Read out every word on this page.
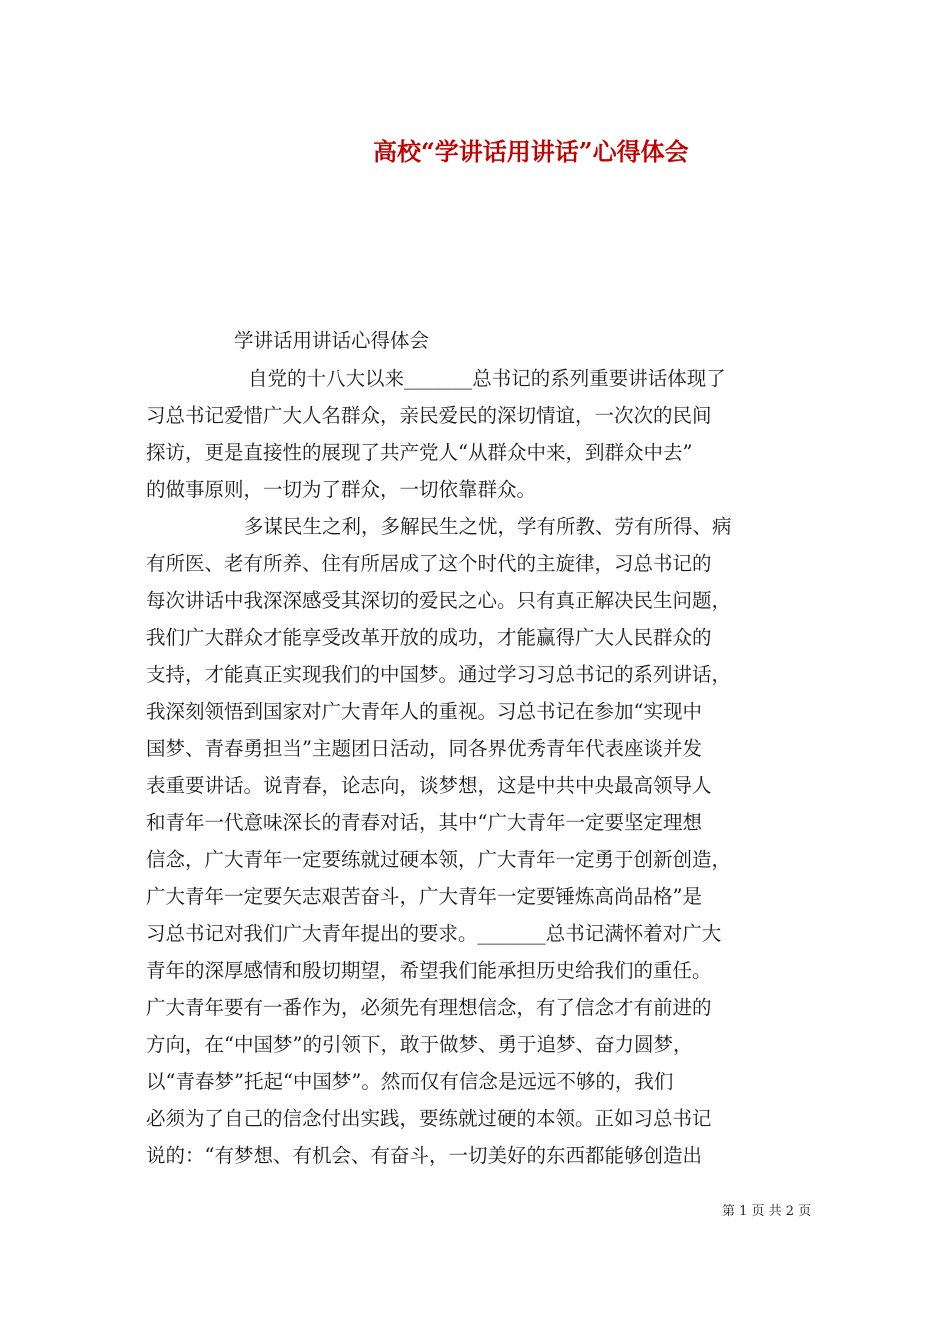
高校“学讲话用讲话”心得体会
学讲话用讲话心得体会
自党的十八大以来_______总书记的系列重要讲话体现了
习总书记爱惜广大人名群众，亲民爱民的深切情谊，一次次的民间
探访，更是直接性的展现了共产党人“从群众中来，到群众中去”
的做事原则，一切为了群众，一切依靠群众。
多谋民生之利，多解民生之忧，学有所教、劳有所得、病
有所医、老有所养、住有所居成了这个时代的主旋律，习总书记的
每次讲话中我深深感受其深切的爱民之心。只有真正解决民生问题，
我们广大群众才能享受改革开放的成功，才能赢得广大人民群众的
支持，才能真正实现我们的中国梦。通过学习习总书记的系列讲话，
我深刻领悟到国家对广大青年人的重视。习总书记在参加“实现中
国梦、青春勇担当”主题团日活动，同各界优秀青年代表座谈并发
表重要讲话。说青春，论志向，谈梦想，这是中共中央最高领导人
和青年一代意味深长的青春对话，其中“广大青年一定要坚定理想
信念，广大青年一定要练就过硬本领，广大青年一定勇于创新创造，
广大青年一定要矢志艰苦奋斗，广大青年一定要锤炼高尚品格”是
习总书记对我们广大青年提出的要求。_______总书记满怀着对广大
青年的深厚感情和殷切期望，希望我们能承担历史给我们的重任。
广大青年要有一番作为，必须先有理想信念，有了信念才有前进的
方向，在“中国梦”的引领下，敢于做梦、勇于追梦、奋力圆梦，
以“青春梦”托起“中国梦”。然而仅有信念是远远不够的，我们
必须为了自己的信念付出实践，要练就过硬的本领。正如习总书记
说的：“有梦想、有机会、有奋斗，一切美好的东西都能够创造出
第 1 页 共 2 页
